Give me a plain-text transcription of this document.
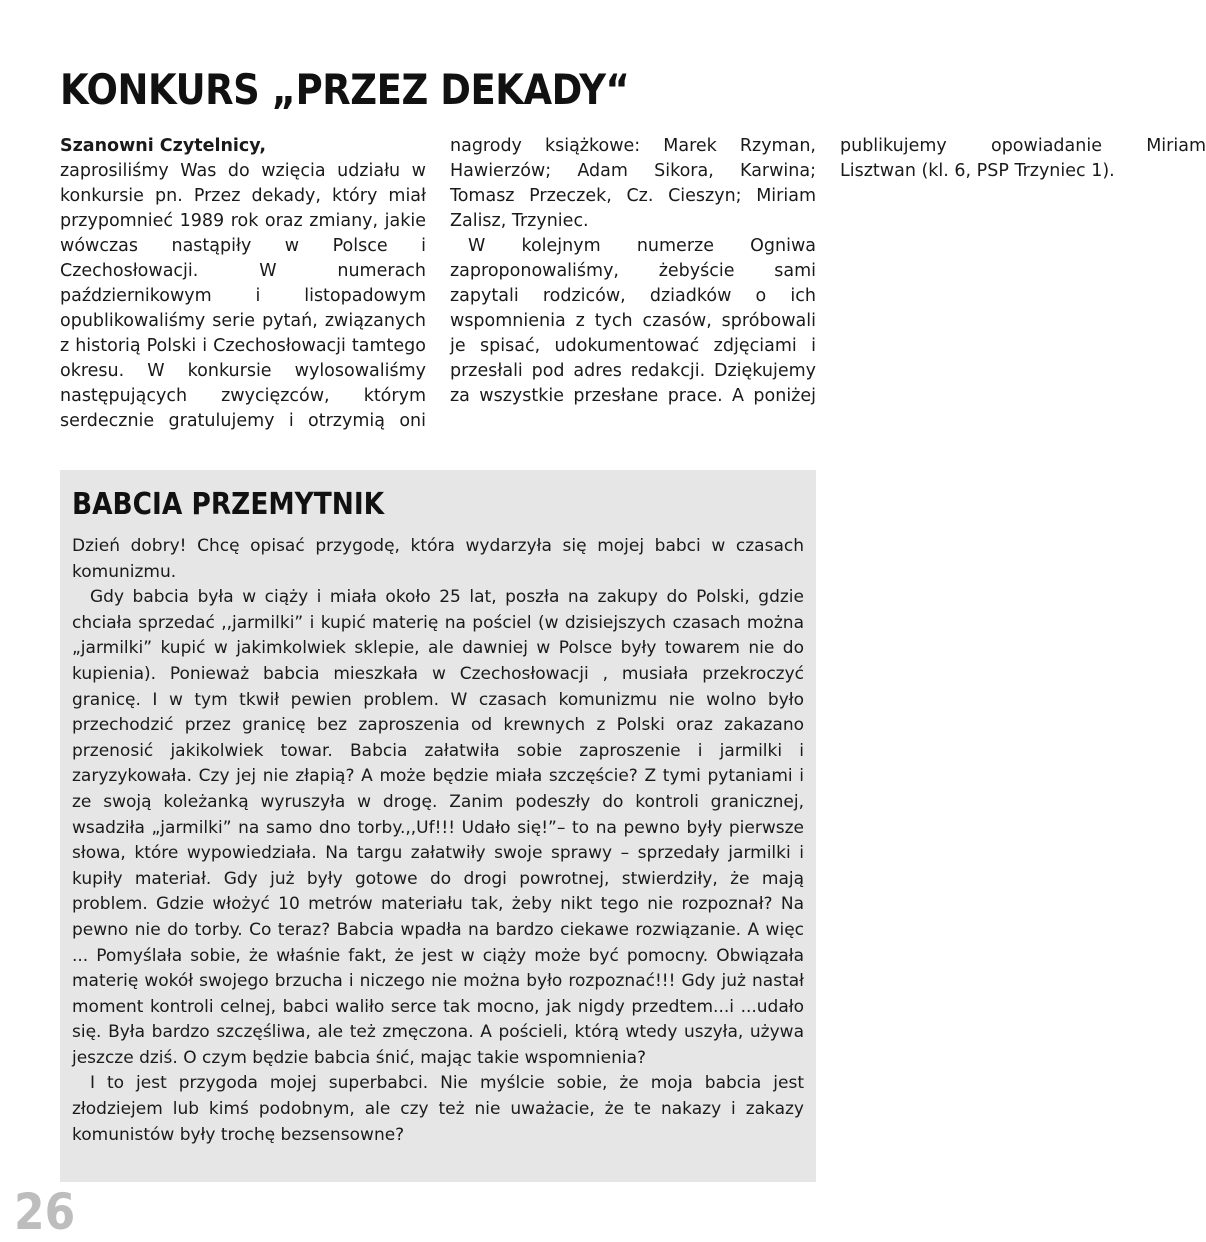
KONKURS „PRZEZ DEKADY“

Szanowni Czytelnicy,
zaprosiliśmy Was do wzięcia udziału w konkursie pn. Przez dekady, który miał przypomnieć 1989 rok oraz zmiany, jakie wówczas nastąpiły w Polsce i Czechosłowacji. W numerach październikowym i listopadowym opublikowaliśmy serie pytań, związanych z historią Polski i Czechosłowacji tamtego okresu. W konkursie wylosowaliśmy następujących zwycięzców, którym serdecznie gratulujemy i otrzymią oni nagrody książkowe: Marek Rzyman, Hawierzów; Adam Sikora, Karwina; Tomasz Przeczek, Cz. Cieszyn; Miriam Zalisz, Trzyniec.

W kolejnym numerze Ogniwa zaproponowaliśmy, żebyście sami zapytali rodziców, dziadków o ich wspomnienia z tych czasów, spróbowali je spisać, udokumentować zdjęciami i przesłali pod adres redakcji. Dziękujemy za wszystkie przesłane prace. A poniżej publikujemy opowiadanie Miriam Lisztwan (kl. 6, PSP Trzyniec 1).

BABCIA PRZEMYTNIK

Dzień dobry! Chcę opisać przygodę, która wydarzyła się mojej babci w czasach komunizmu.

Gdy babcia była w ciąży i miała około 25 lat, poszła na zakupy do Polski, gdzie chciała sprzedać ,,jarmilki” i kupić materię na pościel (w dzisiejszych czasach można „jarmilki” kupić w jakimkolwiek sklepie, ale dawniej w Polsce były towarem nie do kupienia). Ponieważ babcia mieszkała w Czechosłowacji , musiała przekroczyć granicę. I w tym tkwił pewien problem. W czasach komunizmu nie wolno było przechodzić przez granicę bez zaproszenia od krewnych z Polski oraz zakazano przenosić jakikolwiek towar. Babcia załatwiła sobie zaproszenie i jarmilki i zaryzykowała. Czy jej nie złapią? A może będzie miała szczęście? Z tymi pytaniami i ze swoją koleżanką wyruszyła w drogę. Zanim podeszły do kontroli granicznej, wsadziła „jarmilki” na samo dno torby.,,Uf!!! Udało się!”– to na pewno były pierwsze słowa, które wypowiedziała. Na targu załatwiły swoje sprawy – sprzedały jarmilki i kupiły materiał. Gdy już były gotowe do drogi powrotnej, stwierdziły, że mają problem. Gdzie włożyć 10 metrów materiału tak, żeby nikt tego nie rozpoznał? Na pewno nie do torby. Co teraz? Babcia wpadła na bardzo ciekawe rozwiązanie. A więc ... Pomyślała sobie, że właśnie fakt, że jest w ciąży może być pomocny. Obwiązała materię wokół swojego brzucha i niczego nie można było rozpoznać!!! Gdy już nastał moment kontroli celnej, babci waliło serce tak mocno, jak nigdy przedtem...i ...udało się. Była bardzo szczęśliwa, ale też zmęczona. A pościeli, którą wtedy uszyła, używa jeszcze dziś. O czym będzie babcia śnić, mając takie wspomnienia?

I to jest przygoda mojej superbabci. Nie myślcie sobie, że moja babcia jest złodziejem lub kimś podobnym, ale czy też nie uważacie, że te nakazy i zakazy komunistów były trochę bezsensowne?

26
